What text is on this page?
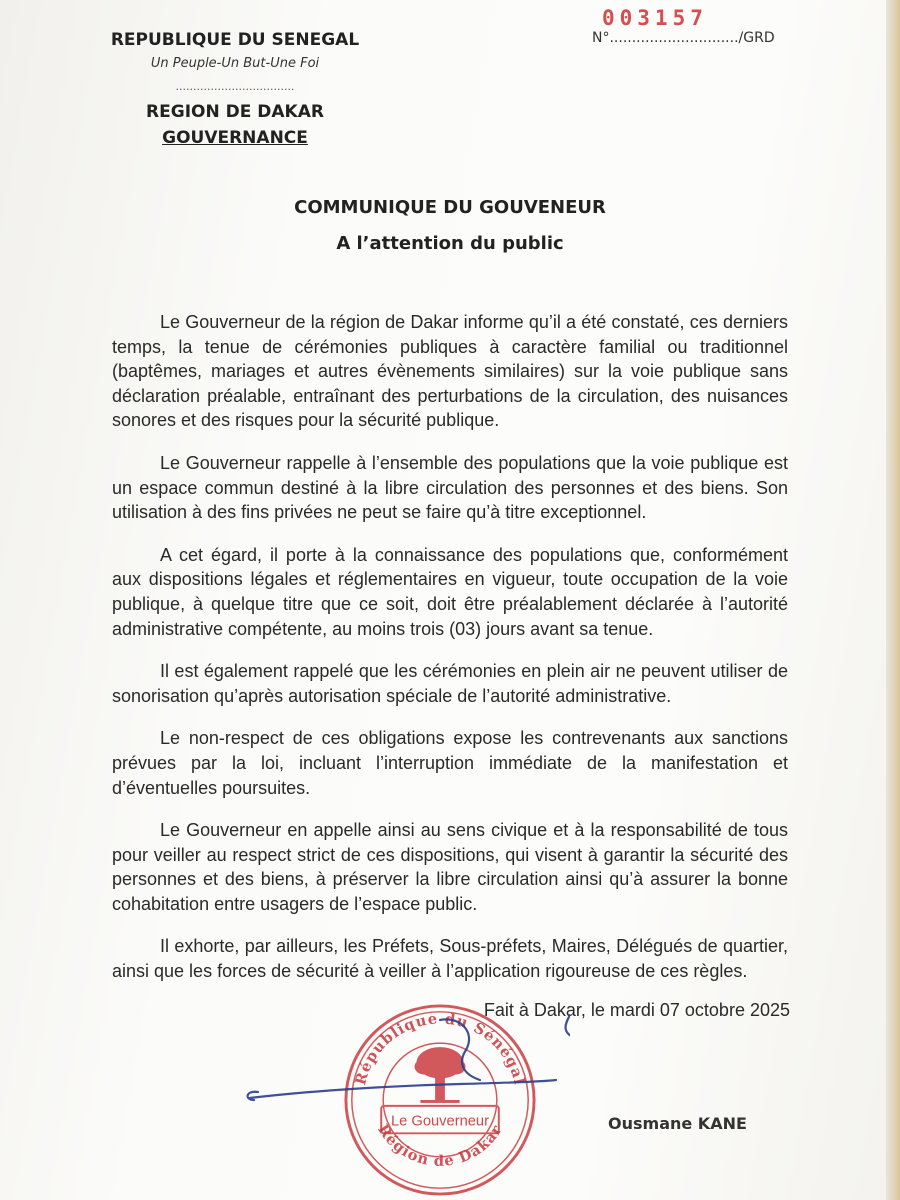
003157
N°............................./GRD
REPUBLIQUE DU SENEGAL
Un Peuple-Un But-Une Foi
..................................
REGION DE DAKAR
GOUVERNANCE
COMMUNIQUE DU GOUVENEUR
A l’attention du public

Le Gouverneur de la région de Dakar informe qu’il a été constaté, ces derniers temps, la tenue de cérémonies publiques à caractère familial ou traditionnel (baptêmes, mariages et autres évènements similaires) sur la voie publique sans déclaration préalable, entraînant des perturbations de la circulation, des nuisances sonores et des risques pour la sécurité publique.

Le Gouverneur rappelle à l’ensemble des populations que la voie publique est un espace commun destiné à la libre circulation des personnes et des biens. Son utilisation à des fins privées ne peut se faire qu’à titre exceptionnel.

A cet égard, il porte à la connaissance des populations que, conformément aux dispositions légales et réglementaires en vigueur, toute occupation de la voie publique, à quelque titre que ce soit, doit être préalablement déclarée à l’autorité administrative compétente, au moins trois (03) jours avant sa tenue.

Il est également rappelé que les cérémonies en plein air ne peuvent utiliser de sonorisation qu’après autorisation spéciale de l’autorité administrative.

Le non-respect de ces obligations expose les contrevenants aux sanctions prévues par la loi, incluant l’interruption immédiate de la manifestation et d’éventuelles poursuites.

Le Gouverneur en appelle ainsi au sens civique et à la responsabilité de tous pour veiller au respect strict de ces dispositions, qui visent à garantir la sécurité des personnes et des biens, à préserver la libre circulation ainsi qu’à assurer la bonne cohabitation entre usagers de l’espace public.

Il exhorte, par ailleurs, les Préfets, Sous-préfets, Maires, Délégués de quartier, ainsi que les forces de sécurité à veiller à l’application rigoureuse de ces règles.

Fait à Dakar, le mardi 07 octobre 2025
République du Sénégal
Le Gouverneur
Région de Dakar	Ousmane KANE
